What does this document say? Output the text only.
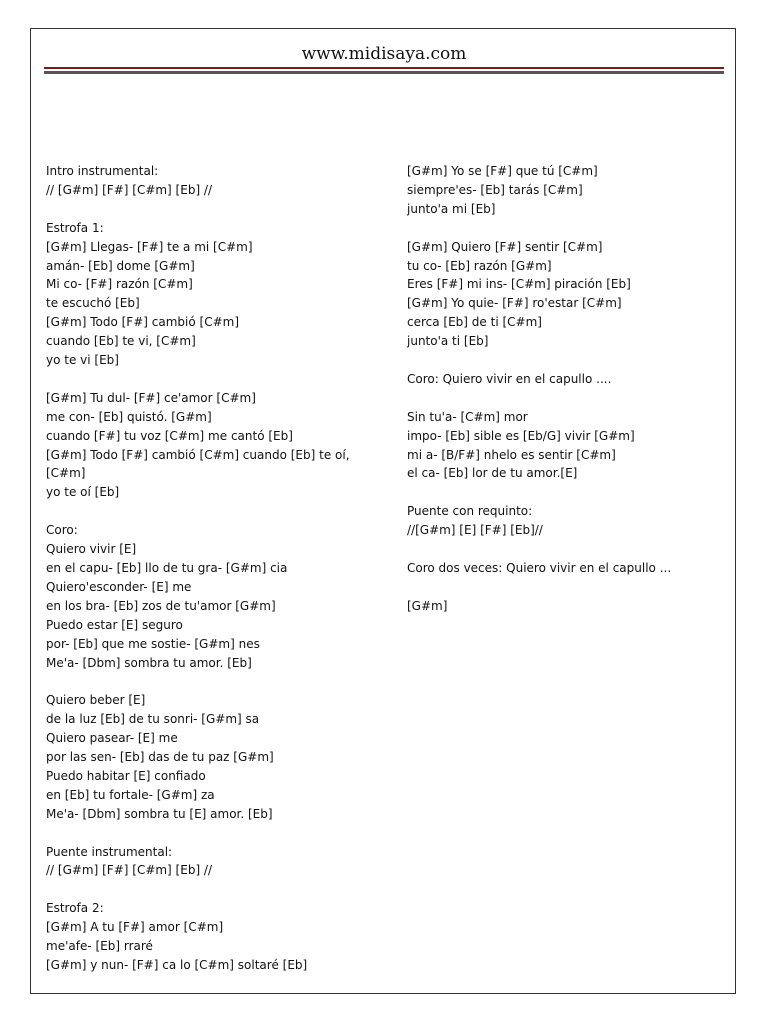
www.midisaya.com
Intro instrumental:
// [G#m] [F#] [C#m] [Eb] //
Estrofa 1:
[G#m] Llegas- [F#] te a mi [C#m]
amán- [Eb] dome [G#m]
Mi co- [F#] razón [C#m]
te escuchó [Eb]
[G#m] Todo [F#] cambió [C#m]
cuando [Eb] te vi, [C#m]
yo te vi [Eb]
[G#m] Tu dul- [F#] ce'amor [C#m]
me con- [Eb] quistó. [G#m]
cuando [F#] tu voz [C#m] me cantó [Eb]
[G#m] Todo [F#] cambió [C#m] cuando [Eb] te oí,
[C#m]
yo te oí [Eb]
Coro:
Quiero vivir [E]
en el capu- [Eb] llo de tu gra- [G#m] cia
Quiero'esconder- [E] me
en los bra- [Eb] zos de tu'amor [G#m]
Puedo estar [E] seguro
por- [Eb] que me sostie- [G#m] nes
Me'a- [Dbm] sombra tu amor. [Eb]
Quiero beber [E]
de la luz [Eb] de tu sonri- [G#m] sa
Quiero pasear- [E] me
por las sen- [Eb] das de tu paz [G#m]
Puedo habitar [E] confiado
en [Eb] tu fortale- [G#m] za
Me'a- [Dbm] sombra tu [E] amor. [Eb]
Puente instrumental:
// [G#m] [F#] [C#m] [Eb] //
Estrofa 2:
[G#m] A tu [F#] amor [C#m]
me'afe- [Eb] rraré
[G#m] y nun- [F#] ca lo [C#m] soltaré [Eb]
[G#m] Yo se [F#] que tú [C#m]
siempre'es- [Eb] tarás [C#m]
junto'a mi [Eb]
[G#m] Quiero [F#] sentir [C#m]
tu co- [Eb] razón [G#m]
Eres [F#] mi ins- [C#m] piración [Eb]
[G#m] Yo quie- [F#] ro'estar [C#m]
cerca [Eb] de ti [C#m]
junto'a ti [Eb]
Coro: Quiero vivir en el capullo ....
Sin tu'a- [C#m] mor
impo- [Eb] sible es [Eb/G] vivir [G#m]
mi a- [B/F#] nhelo es sentir [C#m]
el ca- [Eb] lor de tu amor.[E]
Puente con requinto:
//[G#m] [E] [F#] [Eb]//
Coro dos veces: Quiero vivir en el capullo ...
[G#m]
